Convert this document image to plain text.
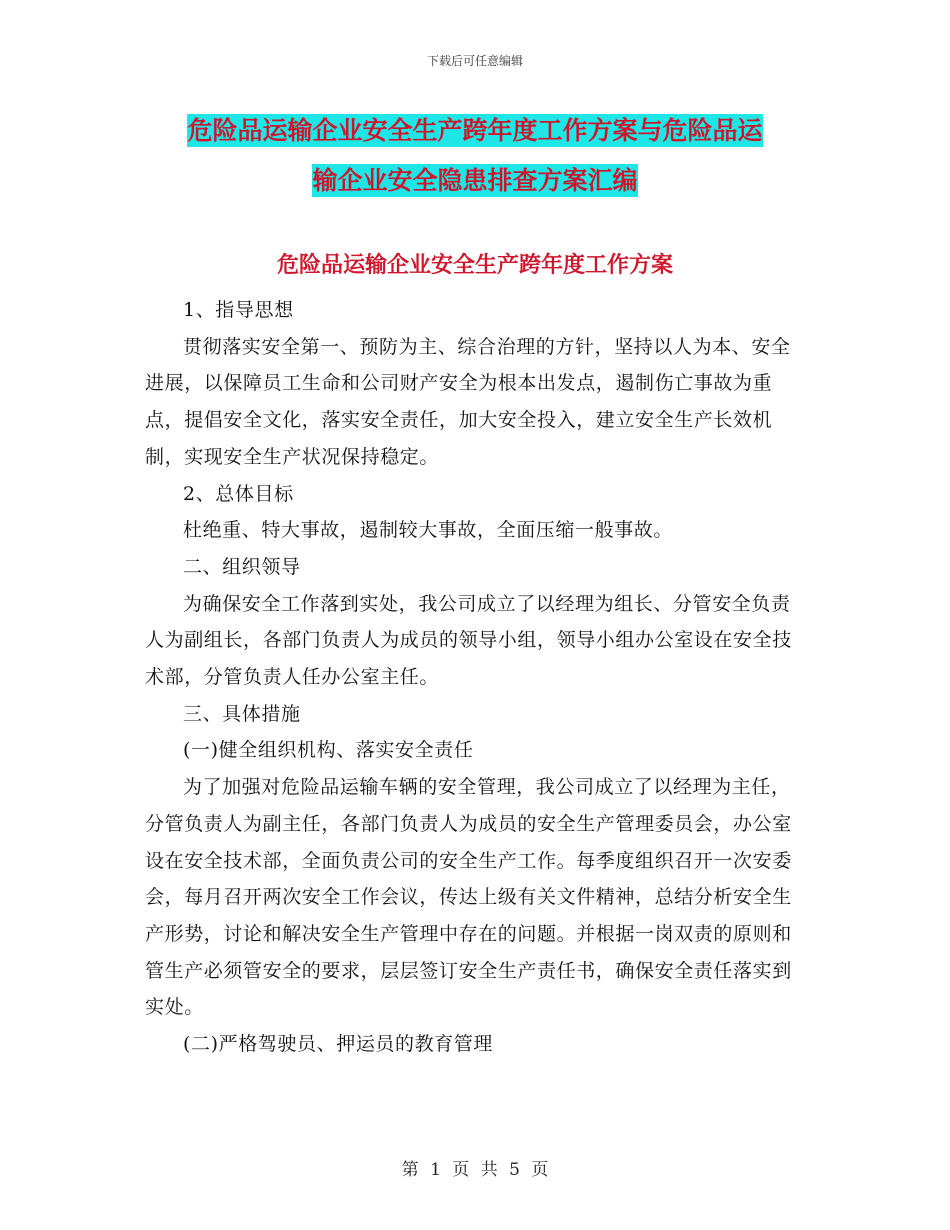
下载后可任意编辑
危险品运输企业安全生产跨年度工作方案与危险品运
输企业安全隐患排查方案汇编
危险品运输企业安全生产跨年度工作方案

1、指导思想

贯彻落实安全第一、预防为主、综合治理的方针，坚持以人为本、安全进展，以保障员工生命和公司财产安全为根本出发点，遏制伤亡事故为重点，提倡安全文化，落实安全责任，加大安全投入，建立安全生产长效机制，实现安全生产状况保持稳定。

2、总体目标

杜绝重、特大事故，遏制较大事故，全面压缩一般事故。

二、组织领导

为确保安全工作落到实处，我公司成立了以经理为组长、分管安全负责人为副组长，各部门负责人为成员的领导小组，领导小组办公室设在安全技术部，分管负责人任办公室主任。

三、具体措施

(一)健全组织机构、落实安全责任

为了加强对危险品运输车辆的安全管理，我公司成立了以经理为主任，分管负责人为副主任，各部门负责人为成员的安全生产管理委员会，办公室设在安全技术部，全面负责公司的安全生产工作。每季度组织召开一次安委会，每月召开两次安全工作会议，传达上级有关文件精神，总结分析安全生产形势，讨论和解决安全生产管理中存在的问题。并根据一岗双责的原则和管生产必须管安全的要求，层层签订安全生产责任书，确保安全责任落实到实处。

(二)严格驾驶员、押运员的教育管理

第 1 页 共 5 页
